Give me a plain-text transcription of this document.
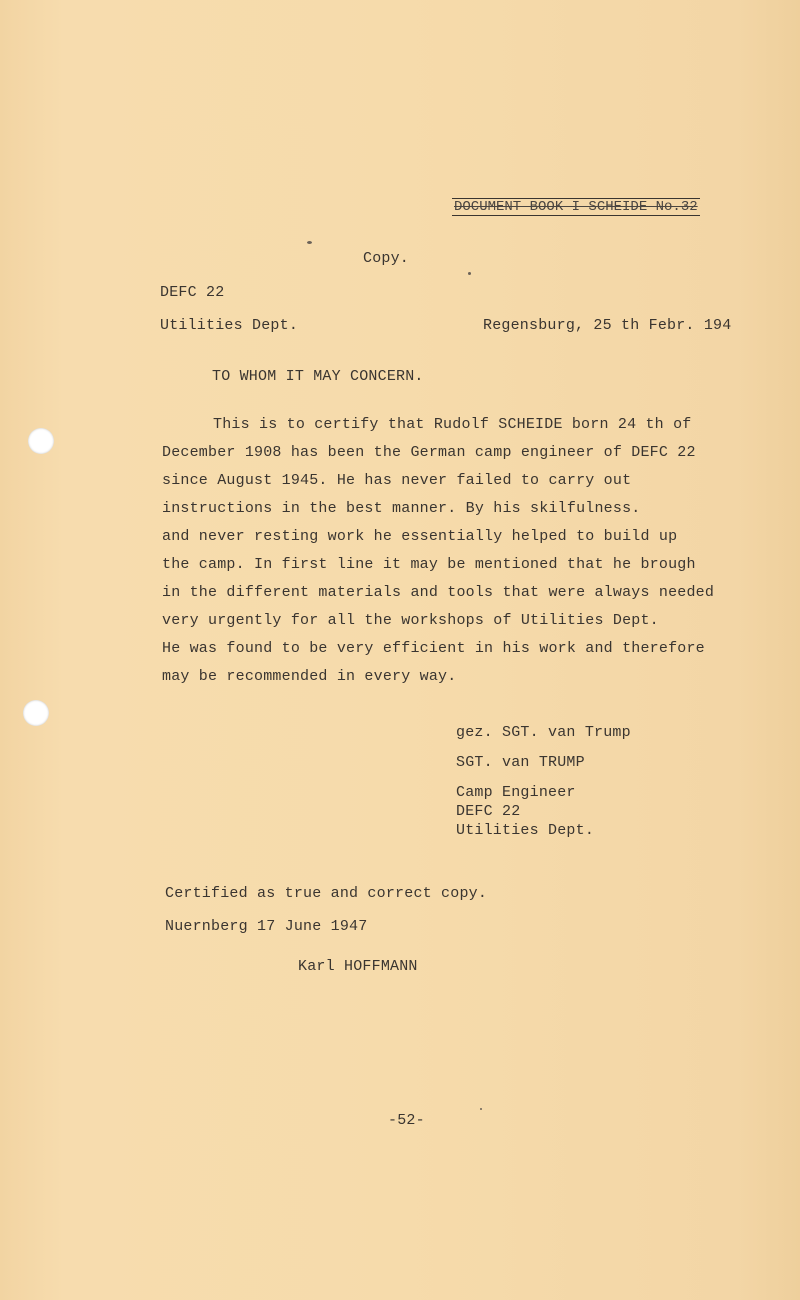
DOCUMENT BOOK I SCHEIDE No.32
Copy.
DEFC 22
Utilities Dept.	Regensburg, 25 th Febr. 194
TO WHOM IT MAY CONCERN.
This is to certify that Rudolf SCHEIDE born 24 th of
December 1908 has been the German camp engineer of DEFC 22
since August 1945. He has never failed to carry out
instructions in the best manner. By his skilfulness.
and never resting work he essentially helped to build up
the camp. In first line it may be mentioned that he brough
in the different materials and tools that were always needed
very urgently for all the workshops of Utilities Dept.
He was found to be very efficient in his work and therefore
may be recommended in every way.
gez. SGT. van Trump
SGT. van TRUMP
Camp Engineer
DEFC 22
Utilities Dept.
Certified as true and correct copy.
Nuernberg 17 June 1947
Karl HOFFMANN
-52-
